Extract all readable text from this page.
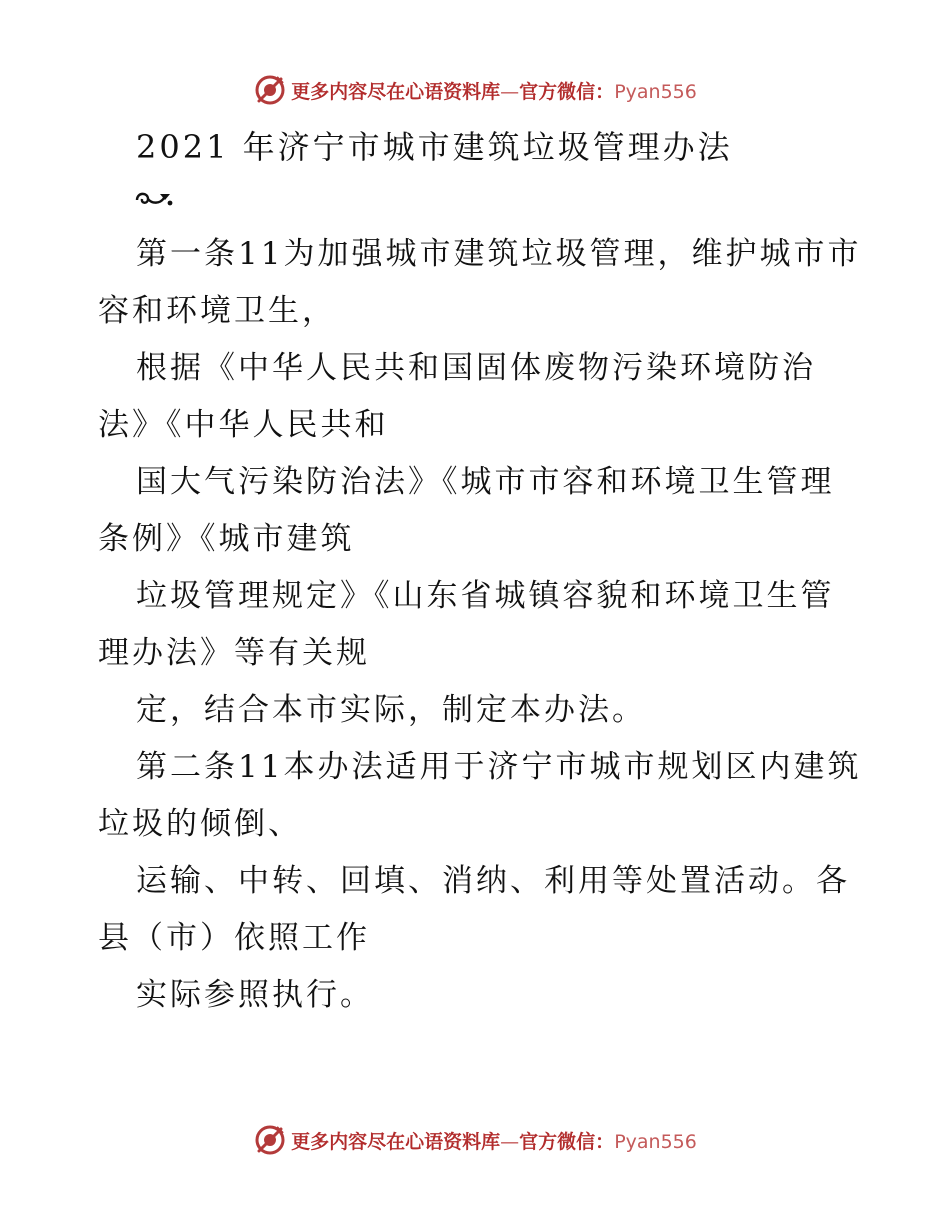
更多内容尽在心语资料库—官方微信：Pyan556
2021 年济宁市城市建筑垃圾管理办法
第一条11为加强城市建筑垃圾管理，维护城市市
容和环境卫生，
根据《中华人民共和国固体废物污染环境防治
法》《中华人民共和
国大气污染防治法》《城市市容和环境卫生管理
条例》《城市建筑
垃圾管理规定》《山东省城镇容貌和环境卫生管
理办法》等有关规
定，结合本市实际，制定本办法。
第二条11本办法适用于济宁市城市规划区内建筑
垃圾的倾倒、
运输、中转、回填、消纳、利用等处置活动。各
县（市）依照工作
实际参照执行。
更多内容尽在心语资料库—官方微信：Pyan556
